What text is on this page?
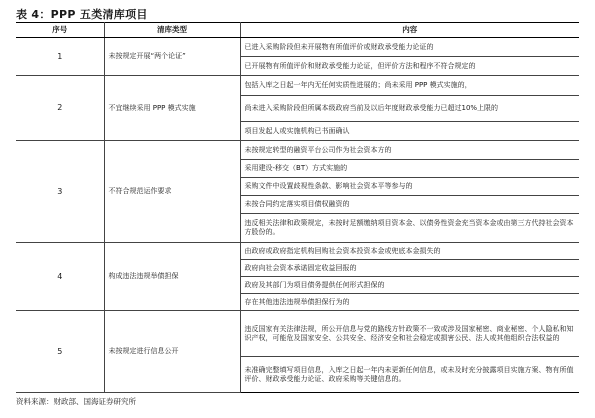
表 4：PPP 五类清库项目
序号	清库类型	内容
1	未按规定开展“两个论证”	已进入采购阶段但未开展物有所值评价或财政承受能力论证的
		已开展物有所值评价和财政承受能力论证，但评价方法和程序不符合规定的
2	不宜继续采用 PPP 模式实施	包括入库之日起一年内无任何实质性进展的；尚未采用 PPP 模式实施的，
		尚未进入采购阶段但所属本级政府当前及以后年度财政承受能力已超过10%上限的
		项目发起人或实施机构已书面确认
3	不符合规范运作要求	未按规定转型的融资平台公司作为社会资本方的
		采用建设-移交（BT）方式实施的
		采购文件中设置歧视性条款、影响社会资本平等参与的
		未按合同约定落实项目债权融资的
		违反相关法律和政策规定，未按时足额缴纳项目资本金、以债务性资金充当资本金或由第三方代持社会资本方股份的。
4	构成违法违规举债担保	由政府或政府指定机构回购社会资本投资本金或兜底本金损失的
		政府向社会资本承诺固定收益回报的
		政府及其部门为项目债务提供任何形式担保的
		存在其他违法违规举债担保行为的
5	未按规定进行信息公开	违反国家有关法律法规，所公开信息与党的路线方针政策不一致或涉及国家秘密、商业秘密、个人隐私和知识产权，可能危及国家安全、公共安全、经济安全和社会稳定或损害公民、法人或其他组织合法权益的
		未准确完整填写项目信息，入库之日起一年内未更新任何信息，或未及时充分披露项目实施方案、物有所值评价、财政承受能力论证、政府采购等关键信息的。
资料来源：财政部、国海证券研究所
